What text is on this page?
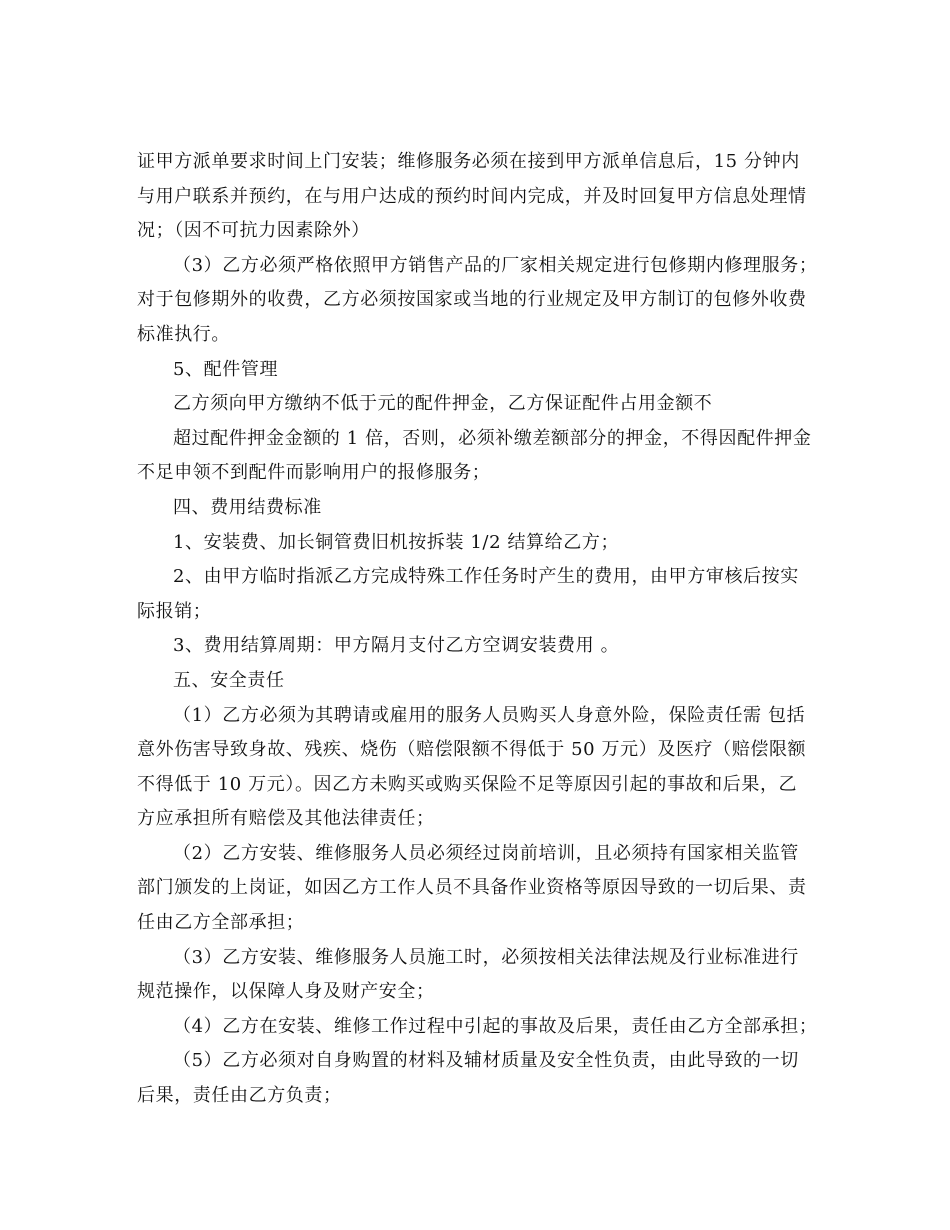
证甲方派单要求时间上门安装；维修服务必须在接到甲方派单信息后，15 分钟内
与用户联系并预约，在与用户达成的预约时间内完成，并及时回复甲方信息处理情
况；（因不可抗力因素除外）
（3）乙方必须严格依照甲方销售产品的厂家相关规定进行包修期内修理服务；
对于包修期外的收费，乙方必须按国家或当地的行业规定及甲方制订的包修外收费
标准执行。
5、配件管理
乙方须向甲方缴纳不低于元的配件押金，乙方保证配件占用金额不
超过配件押金金额的 1 倍，否则，必须补缴差额部分的押金，不得因配件押金
不足申领不到配件而影响用户的报修服务；
四、费用结费标准
1、安装费、加长铜管费旧机按拆装 1/2 结算给乙方；
2、由甲方临时指派乙方完成特殊工作任务时产生的费用，由甲方审核后按实
际报销；
3、费用结算周期：甲方隔月支付乙方空调安装费用 。
五、安全责任
（1）乙方必须为其聘请或雇用的服务人员购买人身意外险，保险责任需 包括
意外伤害导致身故、残疾、烧伤（赔偿限额不得低于 50 万元）及医疗（赔偿限额
不得低于 10 万元）。因乙方未购买或购买保险不足等原因引起的事故和后果，乙
方应承担所有赔偿及其他法律责任；
（2）乙方安装、维修服务人员必须经过岗前培训，且必须持有国家相关监管
部门颁发的上岗证，如因乙方工作人员不具备作业资格等原因导致的一切后果、责
任由乙方全部承担；
（3）乙方安装、维修服务人员施工时，必须按相关法律法规及行业标准进行
规范操作，以保障人身及财产安全；
（4）乙方在安装、维修工作过程中引起的事故及后果，责任由乙方全部承担；
（5）乙方必须对自身购置的材料及辅材质量及安全性负责，由此导致的一切
后果，责任由乙方负责；
